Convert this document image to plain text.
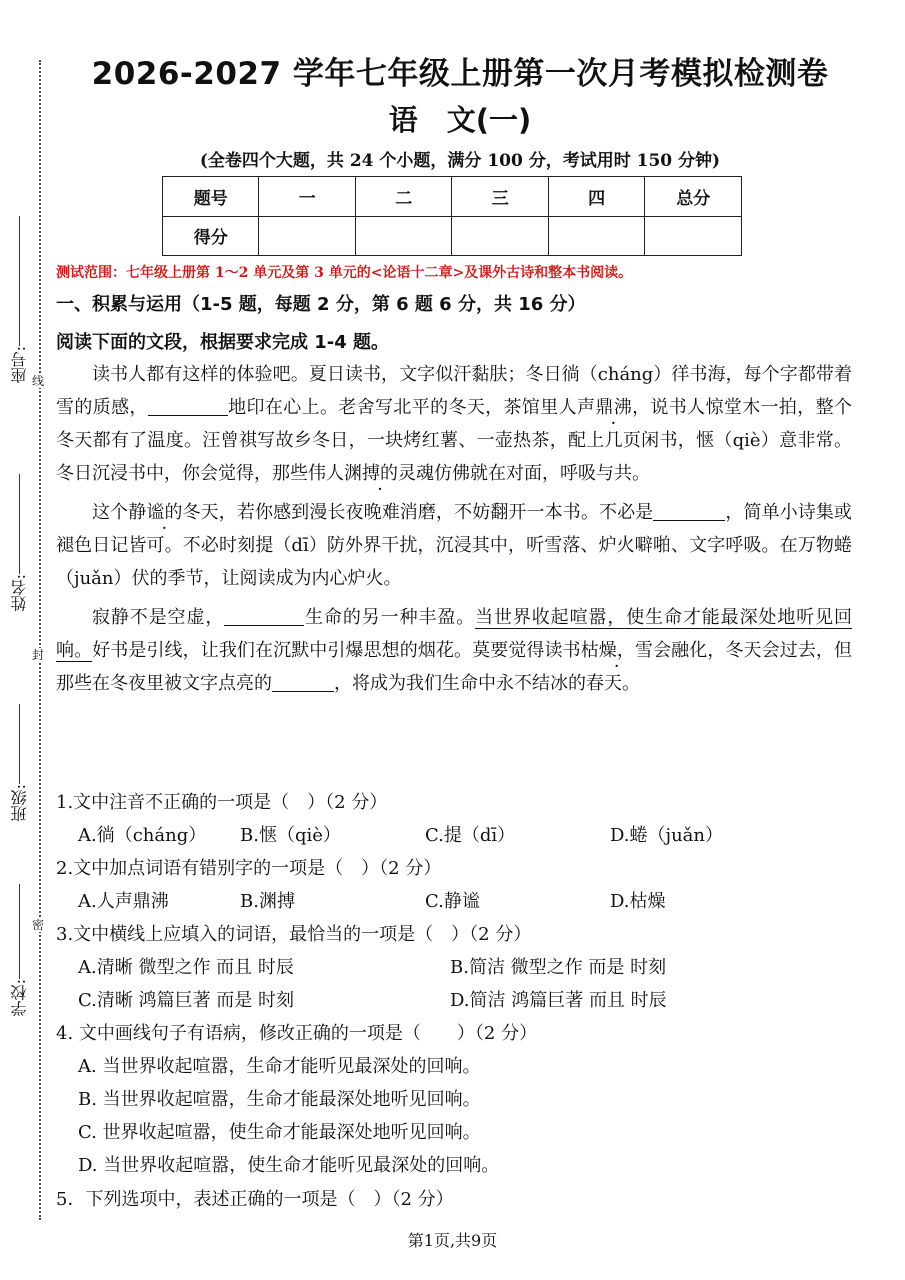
线
封
密
座号:
姓名:
班级:
学校:
2026-2027 学年七年级上册第一次月考模拟检测卷
语　文(一)
(全卷四个大题，共 24 个小题，满分 100 分，考试用时 150 分钟)
题号	一	二	三	四	总分
得分					
测试范围：七年级上册第 1～2 单元及第 3 单元的<论语十二章>及课外古诗和整本书阅读。
一、积累与运用（1-5 题，每题 2 分，第 6 题 6 分，共 16 分）
阅读下面的文段，根据要求完成 1-4 题。

读书人都有这样的体验吧。夏日读书，文字似汗黏肤；冬日徜（cháng）徉书海，每个字都带着雪的质感，	地印在心上。老舍写北平的冬天，茶馆里人声鼎沸，说书人惊堂木一拍，整个冬天都有了温度。汪曾祺写故乡冬日，一块烤红薯、一壶热茶，配上几页闲书，惬（qiè）意非常。冬日沉浸书中，你会觉得，那些伟人渊搏的灵魂仿佛就在对面，呼吸与共。

这个静谧的冬天，若你感到漫长夜晚难消磨，不妨翻开一本书。不必是	，简单小诗集或褪色日记皆可。不必时刻提（dī）防外界干扰，沉浸其中，听雪落、炉火噼啪、文字呼吸。在万物蜷（juǎn）伏的季节，让阅读成为内心炉火。

寂静不是空虚，	生命的另一种丰盈。当世界收起喧嚣，使生命才能最深处地听见回响。好书是引线，让我们在沉默中引爆思想的烟花。莫要觉得读书枯燥，雪会融化，冬天会过去，但那些在冬夜里被文字点亮的	，将成为我们生命中永不结冰的春天。

1.文中注音不正确的一项是（　）（2 分）
A.徜（cháng） B.惬（qiè）	C.提（dī）	D.蜷（juǎn）
2.文中加点词语有错别字的一项是（　）（2 分）
A.人声鼎沸	B.渊搏	C.静谧	D.枯燥
3.文中横线上应填入的词语，最恰当的一项是（　）（2 分）
A.清晰 微型之作 而且 时辰	B.简洁 微型之作 而是 时刻
C.清晰 鸿篇巨著 而是 时刻	D.简洁 鸿篇巨著 而且 时辰
4. 文中画线句子有语病，修改正确的一项是（　　）（2 分）
A. 当世界收起喧嚣，生命才能听见最深处的回响。
B. 当世界收起喧嚣，生命才能最深处地听见回响。
C. 世界收起喧嚣，使生命才能最深处地听见回响。
D. 当世界收起喧嚣，使生命才能听见最深处的回响。
5．下列选项中，表述正确的一项是（　）（2 分）
第1页,共9页
